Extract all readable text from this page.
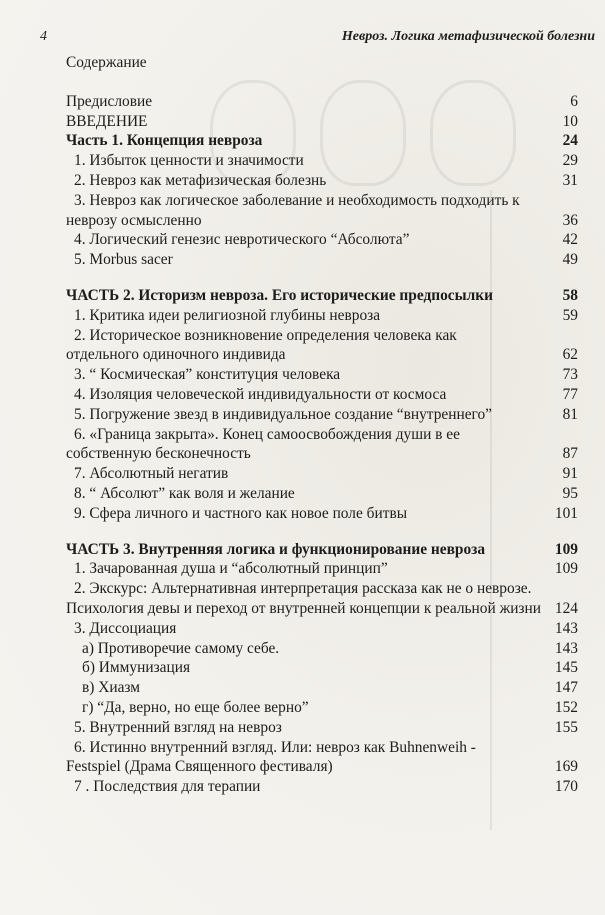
4	Невроз. Логика метафизической болезни
Содержание
Предисловие	6
ВВЕДЕНИЕ	10
Часть 1. Концепция невроза	24
1. Избыток ценности и значимости	29
2. Невроз как метафизическая болезнь	31
3. Невроз как логическое заболевание и необходимость подходить к неврозу осмысленно	36
4. Логический генезис невротического “Абсолюта”	42
5. Morbus sacer	49
ЧАСТЬ 2. Историзм невроза. Его исторические предпосылки	58
1. Критика идеи религиозной глубины невроза	59
2. Историческое возникновение определения человека как отдельного одиночного индивида	62
3. “ Космическая” конституция человека	73
4. Изоляция человеческой индивидуальности от космоса	77
5. Погружение звезд в индивидуальное создание “внутреннего”	81
6. «Граница закрыта». Конец самоосвобождения души в ее собственную бесконечность	87
7. Абсолютный негатив	91
8. “ Абсолют” как воля и желание	95
9. Сфера личного и частного как новое поле битвы	101
ЧАСТЬ 3. Внутренняя логика и функционирование невроза	109
1. Зачарованная душа и “абсолютный принцип”	109
2. Экскурс: Альтернативная интерпретация рассказа как не о неврозе. Психология девы и переход от внутренней концепции к реальной жизни 124
3. Диссоциация	143
а) Противоречие самому себе.	143
б) Иммунизация	145
в) Хиазм	147
г) “Да, верно, но еще более верно”	152
5. Внутренний взгляд на невроз	155
6. Истинно внутренний взгляд. Или: невроз как Buhnenweih - Festspiel (Драма Священного фестиваля)	169
7 . Последствия для терапии	170
